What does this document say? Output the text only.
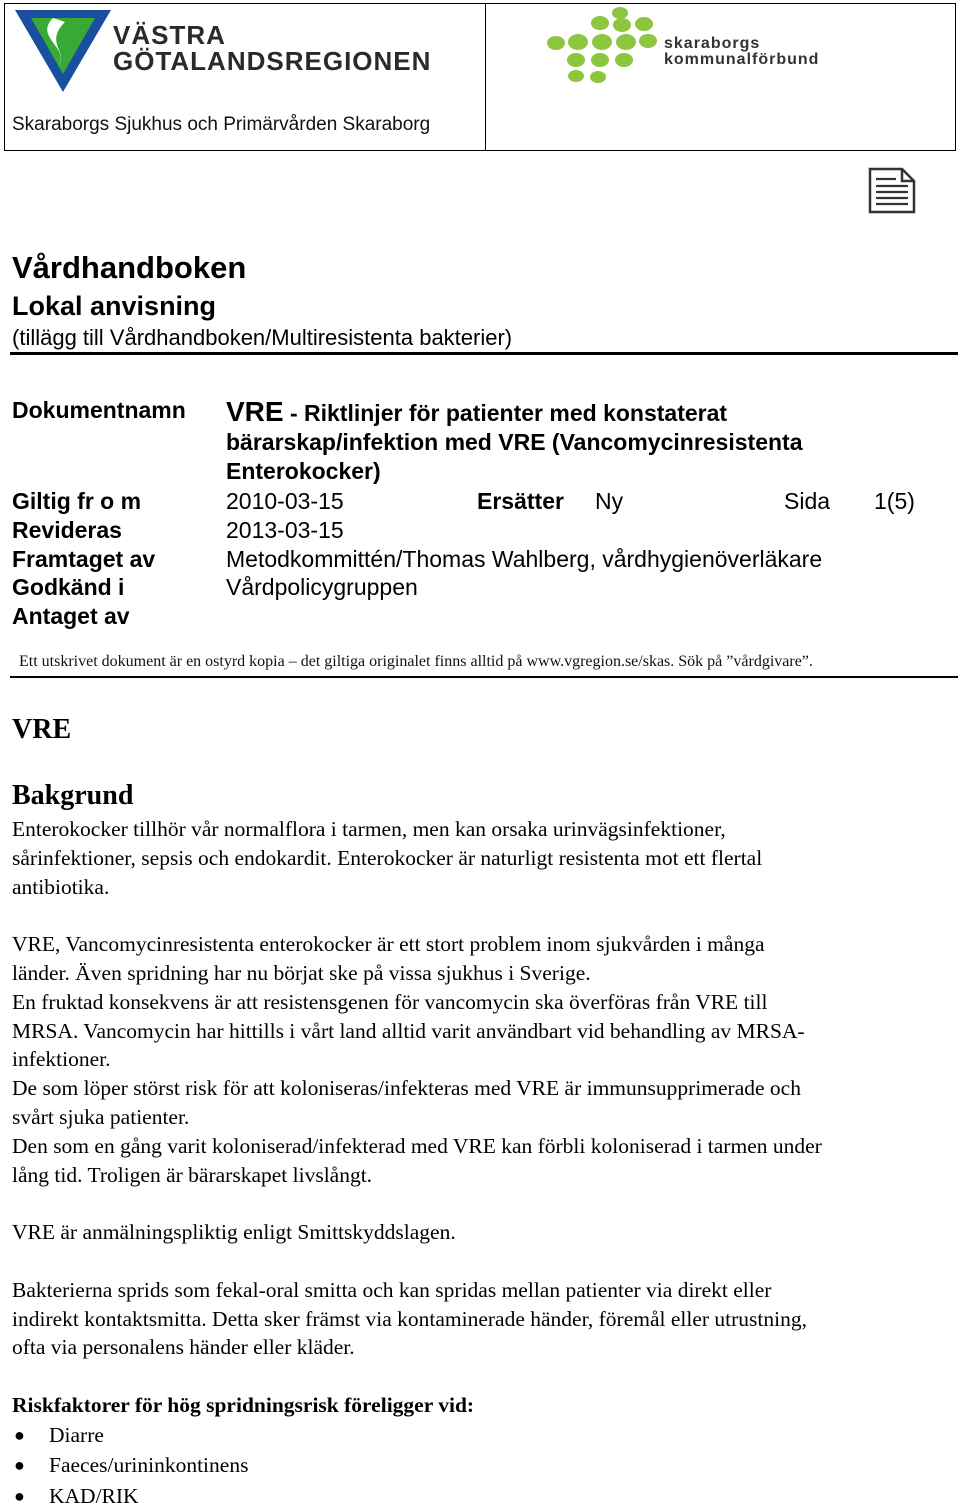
VÄSTRA
GÖTALANDSREGIONEN
skaraborgs
kommunalförbund
Skaraborgs Sjukhus och Primärvården Skaraborg
Vårdhandboken
Lokal anvisning
(tillägg till Vårdhandboken/Multiresistenta bakterier)
Dokumentnamn VRE - Riktlinjer för patienter med konstaterat
bärarskap/infektion med VRE (Vancomycinresistenta
Enterokocker)
Giltig fr o m	2010-03-15	Ersätter Ny	Sida 1(5)
Revideras	2013-03-15
Framtaget av	Metodkommittén/Thomas Wahlberg, vårdhygienöverläkare
Godkänd i	Vårdpolicygruppen
Antaget av
Ett utskrivet dokument är en ostyrd kopia – det giltiga originalet finns alltid på www.vgregion.se/skas. Sök på ”vårdgivare”.
VRE
Bakgrund

Enterokocker tillhör vår normalflora i tarmen, men kan orsaka urinvägsinfektioner,
sårinfektioner, sepsis och endokardit. Enterokocker är naturligt resistenta mot ett flertal
antibiotika.

VRE, Vancomycinresistenta enterokocker är ett stort problem inom sjukvården i många
länder. Även spridning har nu börjat ske på vissa sjukhus i Sverige.

En fruktad konsekvens är att resistensgenen för vancomycin ska överföras från VRE till
MRSA. Vancomycin har hittills i vårt land alltid varit användbart vid behandling av MRSA-
infektioner.

De som löper störst risk för att koloniseras/infekteras med VRE är immunsupprimerade och
svårt sjuka patienter.

Den som en gång varit koloniserad/infekterad med VRE kan förbli koloniserad i tarmen under
lång tid. Troligen är bärarskapet livslångt.

VRE är anmälningspliktig enligt Smittskyddslagen.

Bakterierna sprids som fekal-oral smitta och kan spridas mellan patienter via direkt eller
indirekt kontaktsmitta. Detta sker främst via kontaminerade händer, föremål eller utrustning,
ofta via personalens händer eller kläder.

Riskfaktorer för hög spridningsrisk föreligger vid:

● Diarre
● Faeces/urininkontinens
● KAD/RIK
